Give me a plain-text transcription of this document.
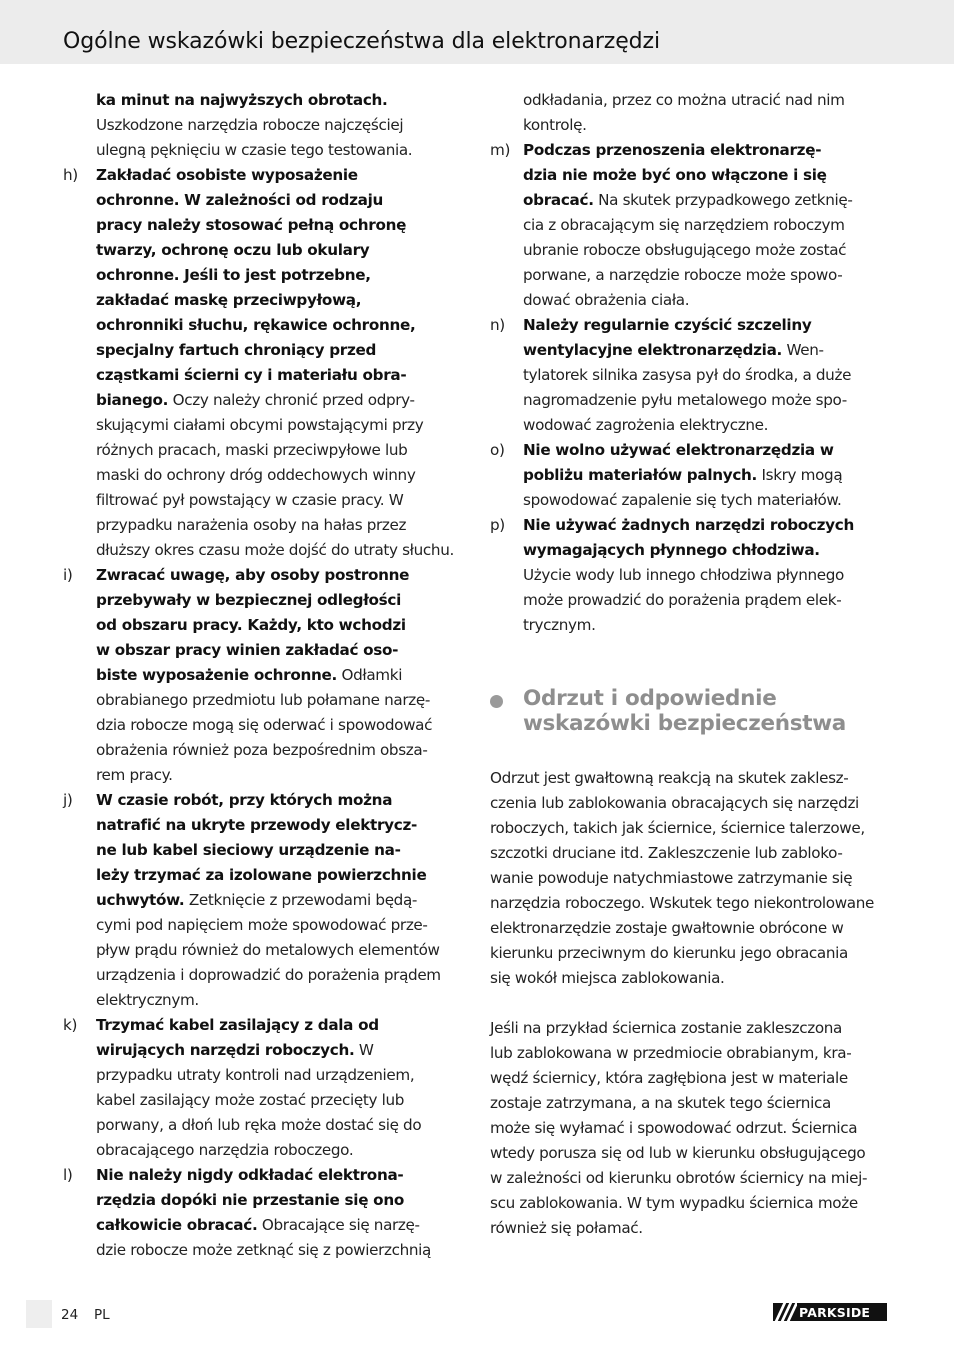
Ogólne wskazówki bezpieczeństwa dla elektronarzędzi
ka minut na najwyższych obrotach.
Uszkodzone narzędzia robocze najczęściej
ulegną pęknięciu w czasie tego testowania.
h)	Zakładać osobiste wyposażenie
ochronne. W zależności od rodzaju
pracy należy stosować pełną ochronę
twarzy, ochronę oczu lub okulary
ochronne. Jeśli to jest potrzebne,
zakładać maskę przeciwpyłową,
ochronniki słuchu, rękawice ochronne,
specjalny fartuch chroniący przed
cząstkami ścierni cy i materiału obra-
bianego. Oczy należy chronić przed odpry-
skującymi ciałami obcymi powstającymi przy
różnych pracach, maski przeciwpyłowe lub
maski do ochrony dróg oddechowych winny
filtrować pył powstający w czasie pracy. W
przypadku narażenia osoby na hałas przez
dłuższy okres czasu może dojść do utraty słuchu.
i)	Zwracać uwagę, aby osoby postronne
przebywały w bezpiecznej odległości
od obszaru pracy. Każdy, kto wchodzi
w obszar pracy winien zakładać oso-
biste wyposażenie ochronne. Odłamki
obrabianego przedmiotu lub połamane narzę-
dzia robocze mogą się oderwać i spowodować
obrażenia również poza bezpośrednim obsza-
rem pracy.
j)	W czasie robót, przy których można
natrafić na ukryte przewody elektrycz-
ne lub kabel sieciowy urządzenie na-
leży trzymać za izolowane powierzchnie
uchwytów. Zetknięcie z przewodami będą-
cymi pod napięciem może spowodować prze-
pływ prądu również do metalowych elementów
urządzenia i doprowadzić do porażenia prądem
elektrycznym.
k)	Trzymać kabel zasilający z dala od
wirujących narzędzi roboczych. W
przypadku utraty kontroli nad urządzeniem,
kabel zasilający może zostać przecięty lub
porwany, a dłoń lub ręka może dostać się do
obracającego narzędzia roboczego.
l)	Nie należy nigdy odkładać elektrona-
rzędzia dopóki nie przestanie się ono
całkowicie obracać. Obracające się narzę-
dzie robocze może zetknąć się z powierzchnią
odkładania, przez co można utracić nad nim
kontrolę.
m) Podczas przenoszenia elektronarzę-
dzia nie może być ono włączone i się
obracać. Na skutek przypadkowego zetknię-
cia z obracającym się narzędziem roboczym
ubranie robocze obsługującego może zostać
porwane, a narzędzie robocze może spowo-
dować obrażenia ciała.
n)	Należy regularnie czyścić szczeliny
wentylacyjne elektronarzędzia. Wen-
tylatorek silnika zasysa pył do środka, a duże
nagromadzenie pyłu metalowego może spo-
wodować zagrożenia elektryczne.
o)	Nie wolno używać elektronarzędzia w
pobliżu materiałów palnych. Iskry mogą
spowodować zapalenie się tych materiałów.
p)	Nie używać żadnych narzędzi roboczych
wymagających płynnego chłodziwa.
Użycie wody lub innego chłodziwa płynnego
może prowadzić do porażenia prądem elek-
trycznym.
Odrzut i odpowiednie
wskazówki bezpieczeństwa
Odrzut jest gwałtowną reakcją na skutek zaklesz-
czenia lub zablokowania obracających się narzędzi
roboczych, takich jak ściernice, ściernice talerzowe,
szczotki druciane itd. Zakleszczenie lub zabloko-
wanie powoduje natychmiastowe zatrzymanie się
narzędzia roboczego. Wskutek tego niekontrolowane
elektronarzędzie zostaje gwałtownie obrócone w
kierunku przeciwnym do kierunku jego obracania
się wokół miejsca zablokowania.
Jeśli na przykład ściernica zostanie zakleszczona
lub zablokowana w przedmiocie obrabianym, kra-
wędź ściernicy, która zagłębiona jest w materiale
zostaje zatrzymana, a na skutek tego ściernica
może się wyłamać i spowodować odrzut. Ściernica
wtedy porusza się od lub w kierunku obsługującego
w zależności od kierunku obrotów ściernicy na miej-
scu zablokowania. W tym wypadku ściernica może
również się połamać.
24 PL	PARKSIDE
